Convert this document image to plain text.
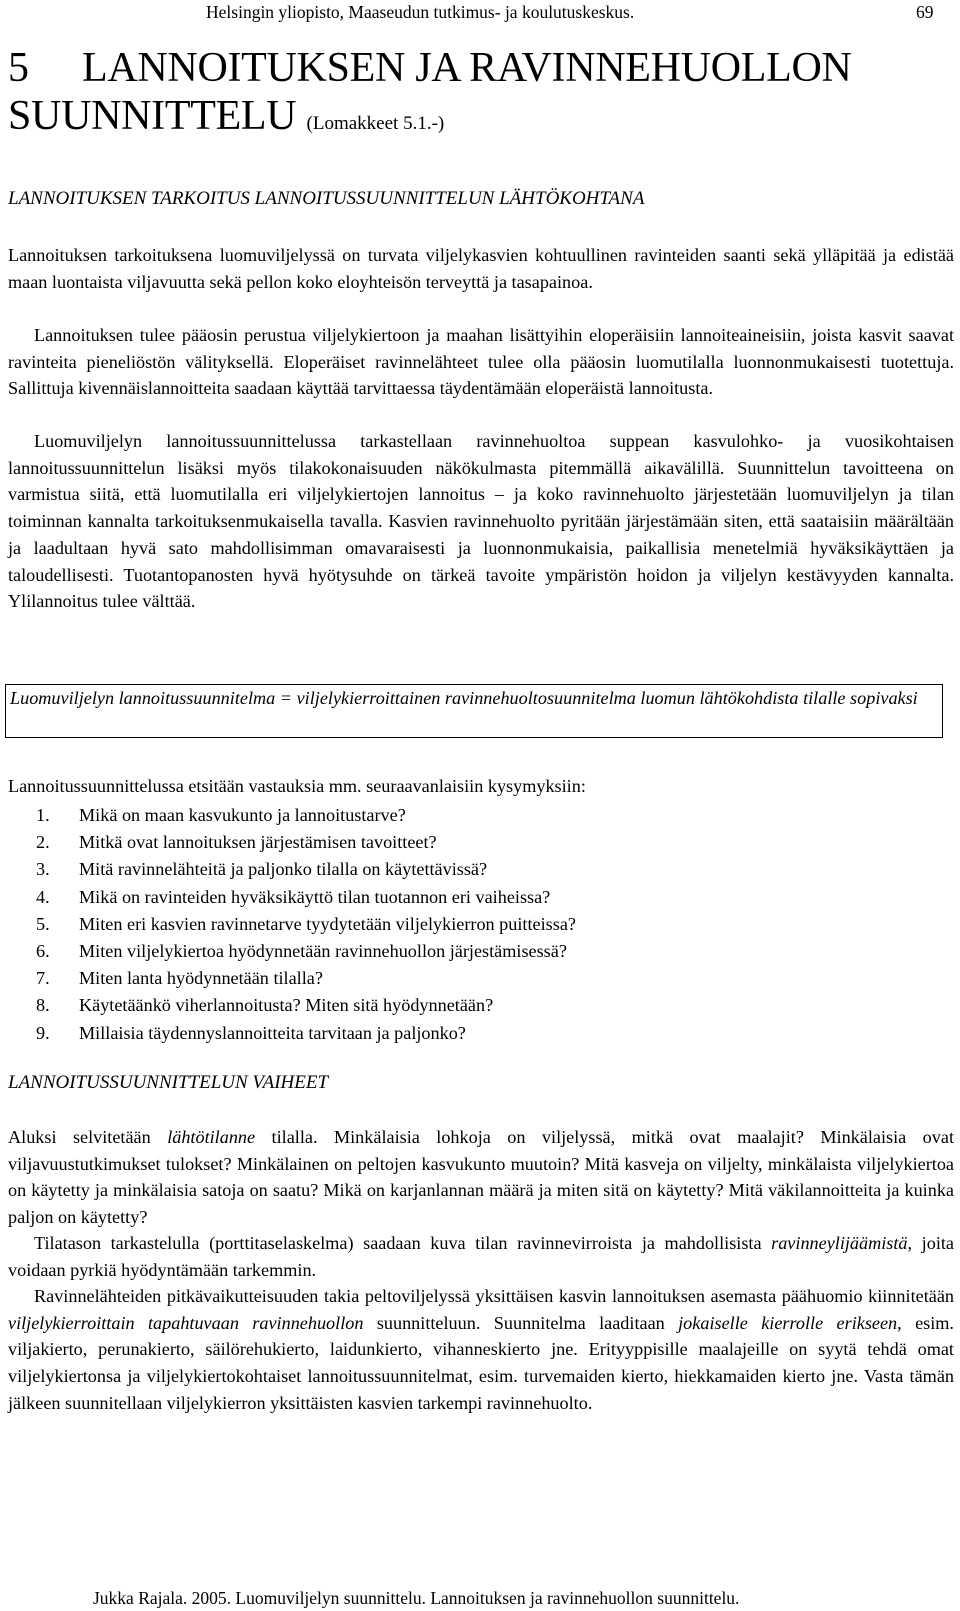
Helsingin yliopisto, Maaseudun tutkimus- ja koulutuskeskus.	69
5 LANNOITUKSEN JA RAVINNEHUOLLON
SUUNNITTELU (Lomakkeet 5.1.-)
LANNOITUKSEN TARKOITUS LANNOITUSSUUNNITTELUN LÄHTÖKOHTANA

Lannoituksen tarkoituksena luomuviljelyssä on turvata viljelykasvien kohtuullinen ravinteiden saanti sekä ylläpitää ja edistää maan luontaista viljavuutta sekä pellon koko eloyhteisön terveyttä ja tasapainoa.

Lannoituksen tulee pääosin perustua viljelykiertoon ja maahan lisättyihin eloperäisiin lannoiteaineisiin, joista kasvit saavat ravinteita pieneliöstön välityksellä. Eloperäiset ravinnelähteet tulee olla pääosin luomutilalla luonnonmukaisesti tuotettuja. Sallittuja kivennäislannoitteita saadaan käyttää tarvittaessa täydentämään eloperäistä lannoitusta.

Luomuviljelyn lannoitussuunnittelussa tarkastellaan ravinnehuoltoa suppean kasvulohko- ja vuosikohtaisen lannoitussuunnittelun lisäksi myös tilakokonaisuuden näkökulmasta pitemmällä aikavälillä. Suunnittelun tavoitteena on varmistua siitä, että luomutilalla eri viljelykiertojen lannoitus – ja koko ravinnehuolto järjestetään luomuviljelyn ja tilan toiminnan kannalta tarkoituksenmukaisella tavalla. Kasvien ravinnehuolto pyritään järjestämään siten, että saataisiin määrältään ja laadultaan hyvä sato mahdollisimman omavaraisesti ja luonnonmukaisia, paikallisia menetelmiä hyväksikäyttäen ja taloudellisesti. Tuotantopanosten hyvä hyötysuhde on tärkeä tavoite ympäristön hoidon ja viljelyn kestävyyden kannalta. Ylilannoitus tulee välttää.

Luomuviljelyn lannoitussuunnitelma = viljelykierroittainen ravinnehuoltosuunnitelma luomun lähtökohdista tilalle sopivaksi
Lannoitussuunnittelussa etsitään vastauksia mm. seuraavanlaisiin kysymyksiin:
1. Mikä on maan kasvukunto ja lannoitustarve?
2. Mitkä ovat lannoituksen järjestämisen tavoitteet?
3. Mitä ravinnelähteitä ja paljonko tilalla on käytettävissä?
4. Mikä on ravinteiden hyväksikäyttö tilan tuotannon eri vaiheissa?
5. Miten eri kasvien ravinnetarve tyydytetään viljelykierron puitteissa?
6. Miten viljelykiertoa hyödynnetään ravinnehuollon järjestämisessä?
7. Miten lanta hyödynnetään tilalla?
8. Käytetäänkö viherlannoitusta? Miten sitä hyödynnetään?
9. Millaisia täydennyslannoitteita tarvitaan ja paljonko?
LANNOITUSSUUNNITTELUN VAIHEET

Aluksi selvitetään lähtötilanne tilalla. Minkälaisia lohkoja on viljelyssä, mitkä ovat maalajit? Minkälaisia ovat viljavuustutkimukset tulokset? Minkälainen on peltojen kasvukunto muutoin? Mitä kasveja on viljelty, minkälaista viljelykiertoa on käytetty ja minkälaisia satoja on saatu? Mikä on karjanlannan määrä ja miten sitä on käytetty? Mitä väkilannoitteita ja kuinka paljon on käytetty?

Tilatason tarkastelulla (porttitaselaskelma) saadaan kuva tilan ravinnevirroista ja mahdollisista ravinneylijäämistä, joita voidaan pyrkiä hyödyntämään tarkemmin.

Ravinnelähteiden pitkävaikutteisuuden takia peltoviljelyssä yksittäisen kasvin lannoituksen asemasta päähuomio kiinnitetään viljelykierroittain tapahtuvaan ravinnehuollon suunnitteluun. Suunnitelma laaditaan jokaiselle kierrolle erikseen, esim. viljakierto, perunakierto, säilörehukierto, laidunkierto, vihanneskierto jne. Erityyppisille maalajeille on syytä tehdä omat viljelykiertonsa ja viljelykiertokohtaiset lannoitussuunnitelmat, esim. turvemaiden kierto, hiekkamaiden kierto jne. Vasta tämän jälkeen suunnitellaan viljelykierron yksittäisten kasvien tarkempi ravinnehuolto.

Jukka Rajala. 2005. Luomuviljelyn suunnittelu. Lannoituksen ja ravinnehuollon suunnittelu.
